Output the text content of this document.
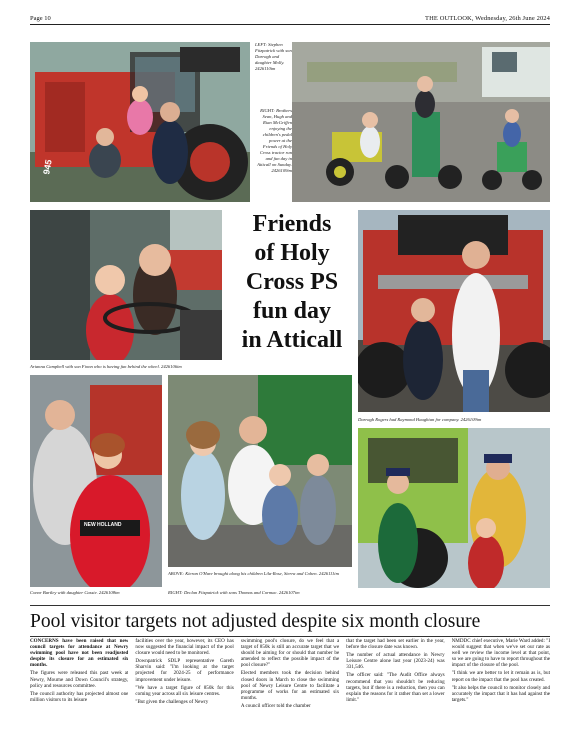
Page 10	THE OUTLOOK, Wednesday, 26th June 2024
945
LEFT: Stephen Fitzpatrick with son Darragh and daughter Molly. 2426110im
RIGHT: Brothers Sean, Hugh and Rian McGriffen enjoying the children's pedal power at the Friends of Holy Cross tractor run and fun day in Atticall on Sunday. 2426109im
Arianna Campbell with son Fionn who is having fun behind the wheel. 2426106im
Friends
of Holy
Cross PS
fun day
in Atticall
Darragh Rogers had Raymond Haughian for company. 2426109im
NEW HOLLAND
Conor Bartley with daughter Cassie. 2426108im
ABOVE: Kieran O'Hare brought along his children Lila-Rose, Sierra and Cohen. 2426111im
RIGHT: Declan Fitzpatrick with sons Thomas and Cormac. 2426107im
Pool visitor targets not adjusted despite six month closure

CONCERNS have been raised that new council targets for attendance at Newry swimming pool have not been readjusted despite its closure for an estimated six months.

The figures were released this past week at Newry, Mourne and Down Council's strategy, policy and resources committee.

The council authority has projected almost one million visitors to its leisure

facilities over the year, however, its CEO has now suggested the financial impact of the pool closure would need to be monitored.

Downpatrick SDLP representative Gareth Sharvin said: "I'm looking at the target projected for 2024-25 of performance improvement under leisure.

"We have a target figure of 850k for this coming year across all six leisure centres.

"But given the challenges of Newry

swimming pool's closure, do we feel that a target of 850k is still an accurate target that we should be aiming for or should that number be amended to reflect the possible impact of the pool closure?"

Elected members took the decision behind closed doors in March to close the swimming pool of Newry Leisure Centre to facilitate a programme of works for an estimated six months.

A council officer told the chamber

that the target had been set earlier in the year, before the closure date was known.

The number of actual attendance in Newry Leisure Centre alone last year (2023-24) was 331,546.

The officer said: "The Audit Office always recommend that you shouldn't be reducing targets, but if there is a reduction, then you can explain the reasons for it rather than set a lower limit."

NMDDC chief executive, Marie Ward added: "I would suggest that when we've set our rate as well we review the income level at that point, so we are going to have to report throughout the impact of the closure of the pool.

"I think we are better to let it remain as is, but report on the impact that the pool has created.

"It also helps the council to monitor closely and accurately the impact that it has had against the targets."
